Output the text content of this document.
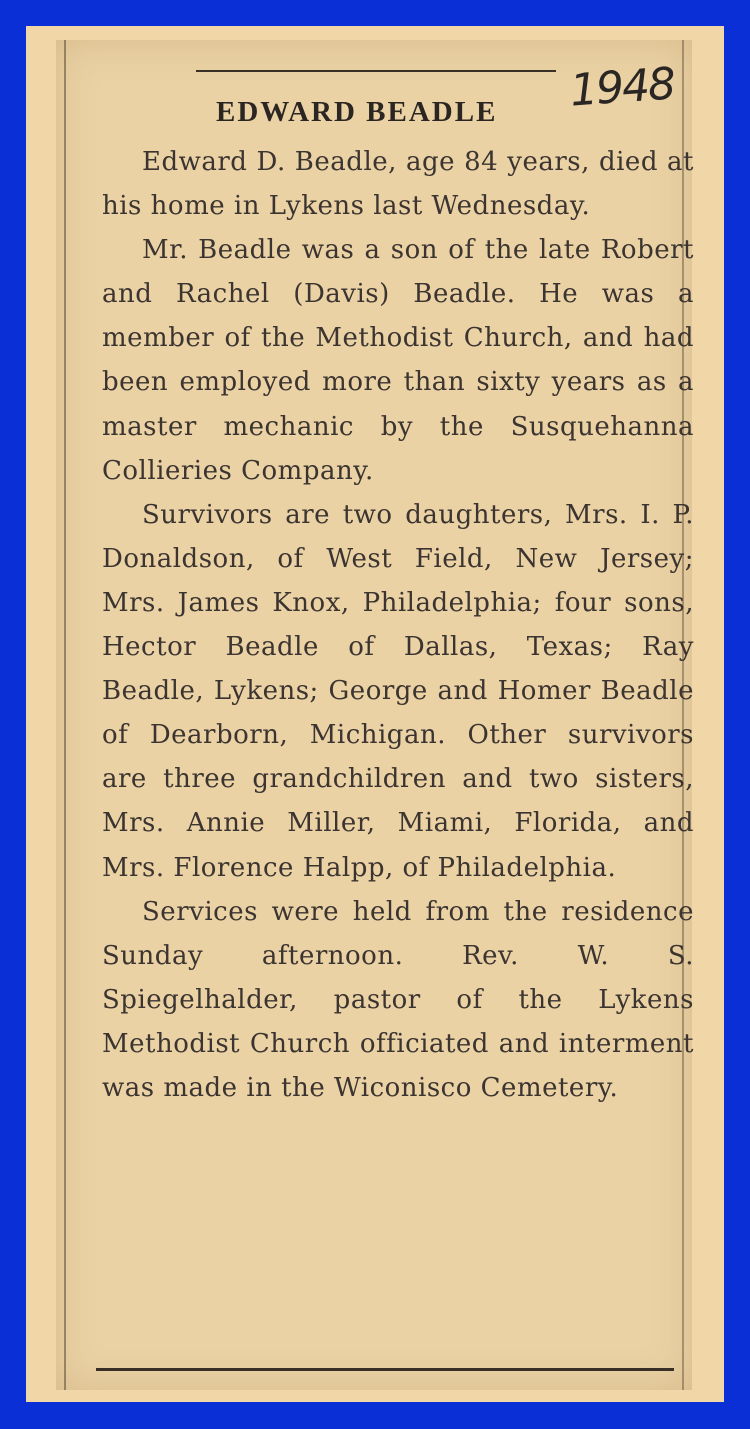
1948
EDWARD BEADLE

Edward D. Beadle, age 84 years, died at his home in Lykens last Wednesday.

Mr. Beadle was a son of the late Robert and Rachel (Davis) Beadle. He was a member of the Methodist Church, and had been employed more than sixty years as a master mechanic by the Susquehanna Collieries Company.

Survivors are two daughters, Mrs. I. P. Donaldson, of West Field, New Jersey; Mrs. James Knox, Philadelphia; four sons, Hector Beadle of Dallas, Texas; Ray Beadle, Lykens; George and Homer Beadle of Dearborn, Michigan. Other survivors are three grandchildren and two sisters, Mrs. Annie Miller, Miami, Florida, and Mrs. Florence Halpp, of Philadelphia.

Services were held from the residence Sunday afternoon. Rev. W. S. Spiegelhalder, pastor of the Lykens Methodist Church officiated and interment was made in the Wiconisco Cemetery.
